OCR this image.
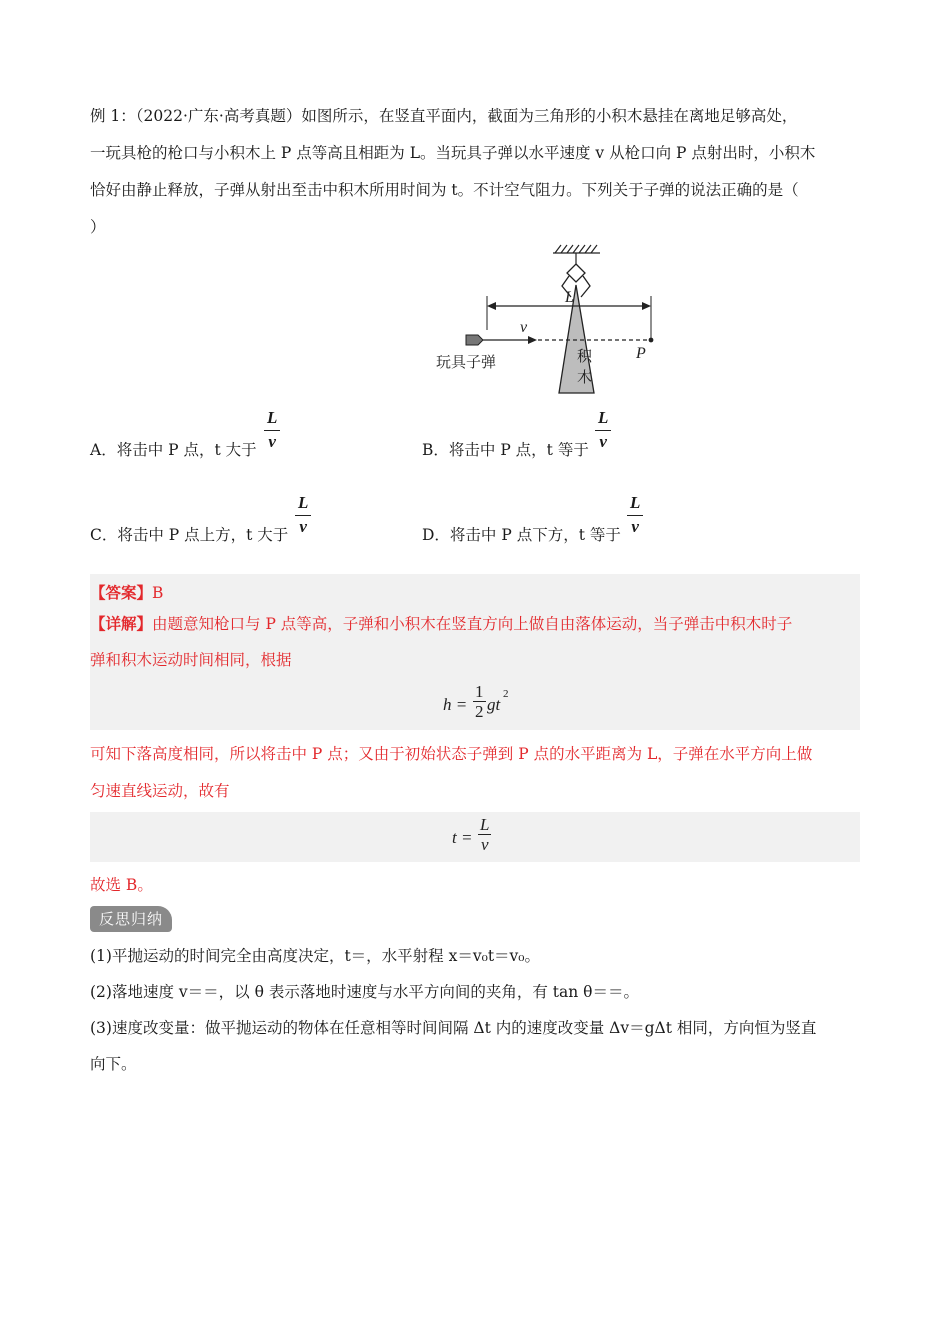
例 1：（2022·广东·高考真题）如图所示，在竖直平面内，截面为三角形的小积木悬挂在离地足够高处，
一玩具枪的枪口与小积木上 P 点等高且相距为 L。当玩具子弹以水平速度 v 从枪口向 P 点射出时，小积木
恰好由静止释放，子弹从射出至击中积木所用时间为 t。不计空气阻力。下列关于子弹的说法正确的是（
）
积
木
L
v
P
玩具子弹
A．将击中 P 点，t 大于 $\frac{L}{v}$	B．将击中 P 点，t 等于 $\frac{L}{v}$
C．将击中 P 点上方，t 大于 $\frac{L}{v}$	D．将击中 P 点下方，t 等于 $\frac{L}{v}$
【答案】B
【详解】由题意知枪口与 P 点等高，子弹和小积木在竖直方向上做自由落体运动，当子弹击中积木时子
弹和积木运动时间相同，根据
$h = \frac{1}{2}$ gt
2
可知下落高度相同，所以将击中 P 点；又由于初始状态子弹到 P 点的水平距离为 L，子弹在水平方向上做
匀速直线运动，故有
$t = \frac{L}{v}$
故选 B。
反思归纳
(1)平抛运动的时间完全由高度决定，t＝，水平射程 x＝v₀t＝v₀。
(2)落地速度 v＝＝，以 θ 表示落地时速度与水平方向间的夹角，有 tan θ＝＝。
(3)速度改变量：做平抛运动的物体在任意相等时间间隔 Δt 内的速度改变量 Δv＝gΔt 相同，方向恒为竖直
向下。
